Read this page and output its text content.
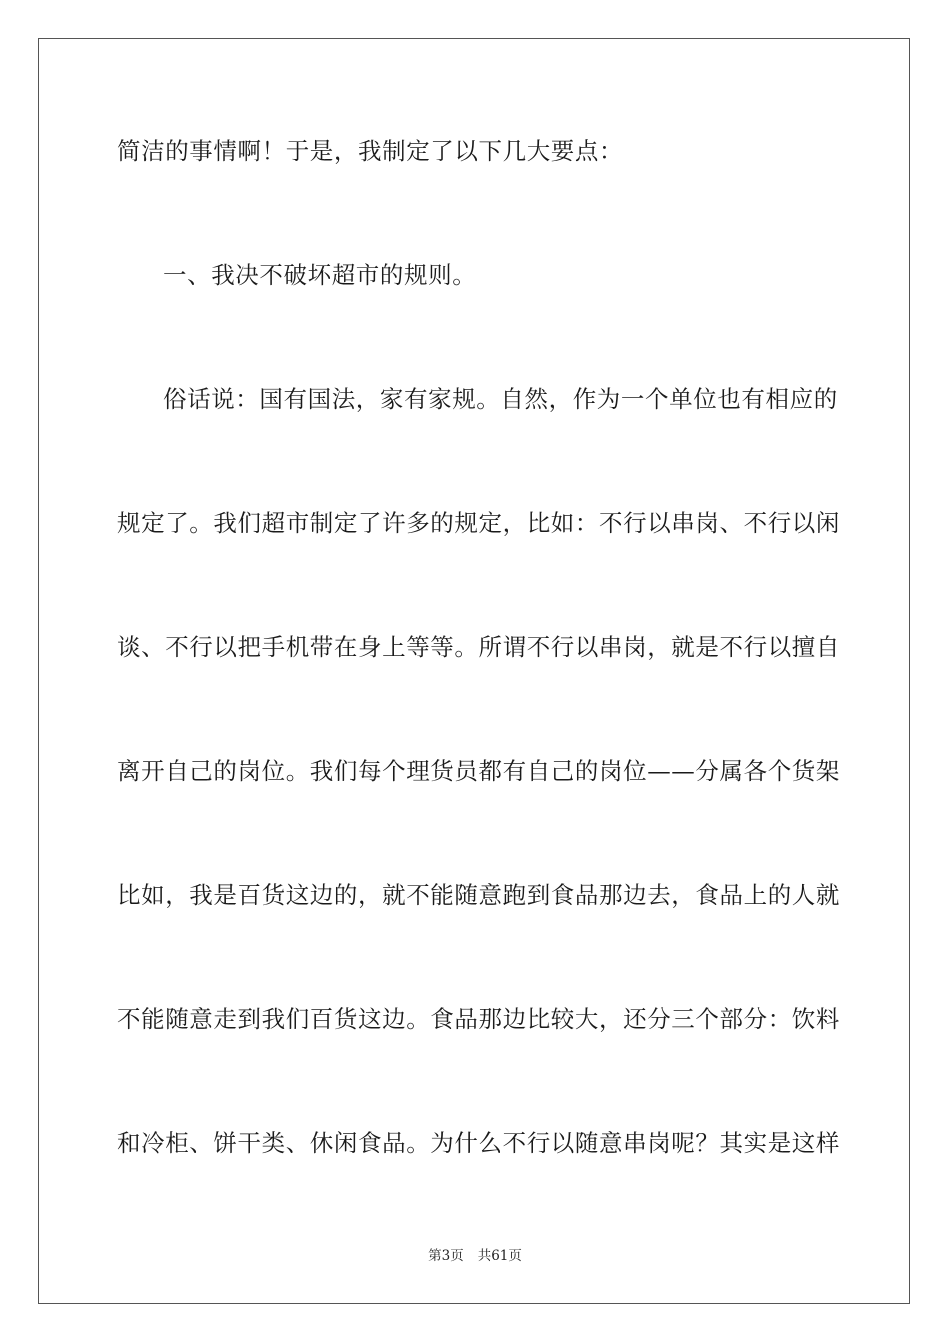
简洁的事情啊！于是，我制定了以下几大要点：
一、我决不破坏超市的规则。
俗话说：国有国法，家有家规。自然，作为一个单位也有相应的
规定了。我们超市制定了许多的规定，比如：不行以串岗、不行以闲
谈、不行以把手机带在身上等等。所谓不行以串岗，就是不行以擅自
离开自己的岗位。我们每个理货员都有自己的岗位——分属各个货架
比如，我是百货这边的，就不能随意跑到食品那边去，食品上的人就
不能随意走到我们百货这边。食品那边比较大，还分三个部分：饮料
和冷柜、饼干类、休闲食品。为什么不行以随意串岗呢？其实是这样
第3页 共61页
